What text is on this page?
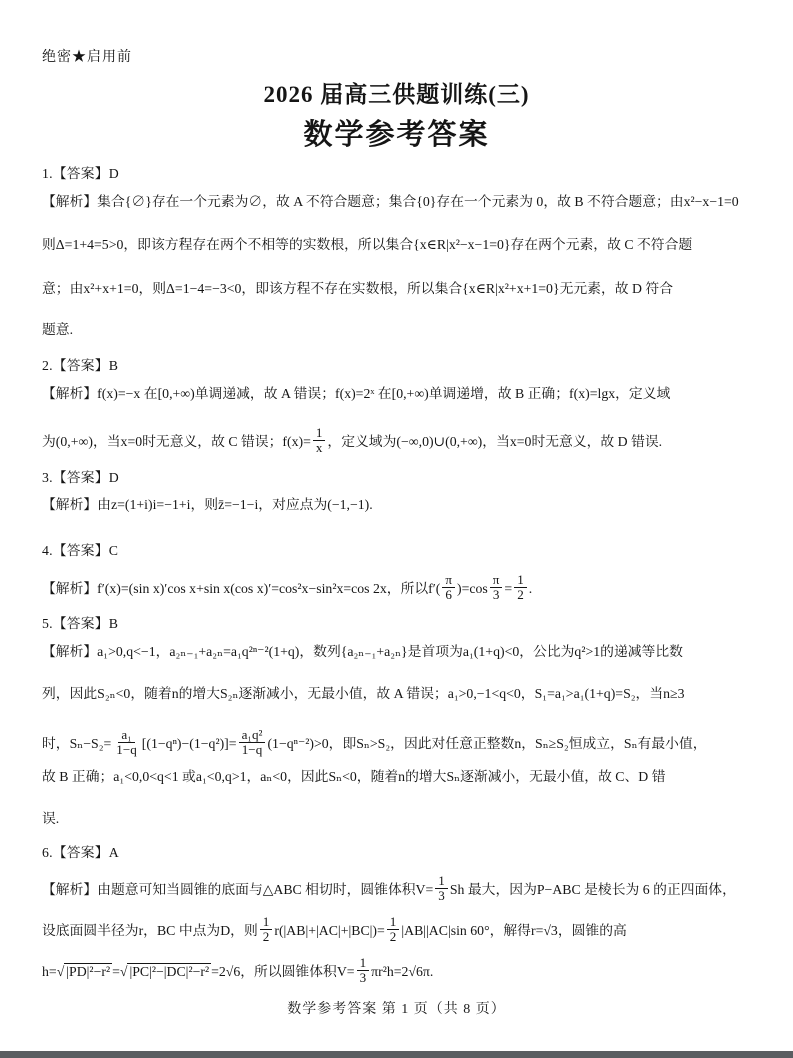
绝密★启用前
2026 届高三供题训练(三)
数学参考答案
1.【答案】D
【解析】集合{∅}存在一个元素为∅，故 A 不符合题意；集合{0}存在一个元素为 0，故 B 不符合题意；由x²−x−1=0
则Δ=1+4=5>0，即该方程存在两个不相等的实数根，所以集合{x∈R|x²−x−1=0}存在两个元素，故 C 不符合题
意；由x²+x+1=0，则Δ=1−4=−3<0，即该方程不存在实数根，所以集合{x∈R|x²+x+1=0}无元素，故 D 符合
题意.
2.【答案】B
【解析】f(x)=−x 在[0,+∞)单调递减，故 A 错误；f(x)=2ˣ 在[0,+∞)单调递增，故 B 正确；f(x)=lgx，定义域
为(0,+∞)，当x=0时无意义，故 C 错误；$f(x)= \frac{1}{x}$ ，定义域为(−∞,0)∪(0,+∞)，当x=0时无意义，故 D 错误.
3.【答案】D
【解析】由z=(1+i)i=−1+i，则z̄=−1−i，对应点为(−1,−1).
4.【答案】C
【解析】f′(x)=(sin x)′cos x+sin x(cos x)′=cos²x−sin²x=cos 2x，所以$f'( \frac{\pi}{6} )=\cos \frac{\pi}{3} = \frac{1}{2}$ .
5.【答案】B
【解析】a₁>0,q<−1，a₂ₙ₋₁+a₂ₙ=a₁q²ⁿ⁻²(1+q)，数列{a₂ₙ₋₁+a₂ₙ}是首项为a₁(1+q)<0，公比为q²>1的递减等比数
列，因此S₂ₙ<0，随着n的增大S₂ₙ逐渐减小，无最小值，故 A 错误；a₁>0,−1<q<0，S₁=a₁>a₁(1+q)=S₂，当n≥3
时，$S_n-S_2= \frac{\text{a₁}}{1-q} [(1-q^n)-(1-q^2)]= \frac{\text{a₁q²}}{1-q} (1-q^{n-2})>0$，即Sₙ>S₂，因此对任意正整数n，Sₙ≥S₂恒成立，Sₙ有最小值，
故 B 正确；a₁<0,0<q<1 或a₁<0,q>1，aₙ<0，因此Sₙ<0，随着n的增大Sₙ逐渐减小，无最小值，故 C、D 错
误.
6.【答案】A
【解析】由题意可知当圆锥的底面与△ABC 相切时，圆锥体积$V= \frac{1}{3}$ Sh 最大，因为P−ABC 是棱长为 6 的正四面体，
设底面圆半径为r，BC 中点为D，则 $\frac{1}{2} r(|AB|+|AC|+|BC|)= \frac{1}{2} |AB||AC|\sin$ 60°，解得r=√3，圆锥的高
h=√ |PD|²−r² =√ |PC|²−|DC|²−r² =2√6，所以圆锥体积$V= \frac{1}{3} \pi r^2h=2√6\pi$.
数学参考答案 第 1 页（共 8 页）
